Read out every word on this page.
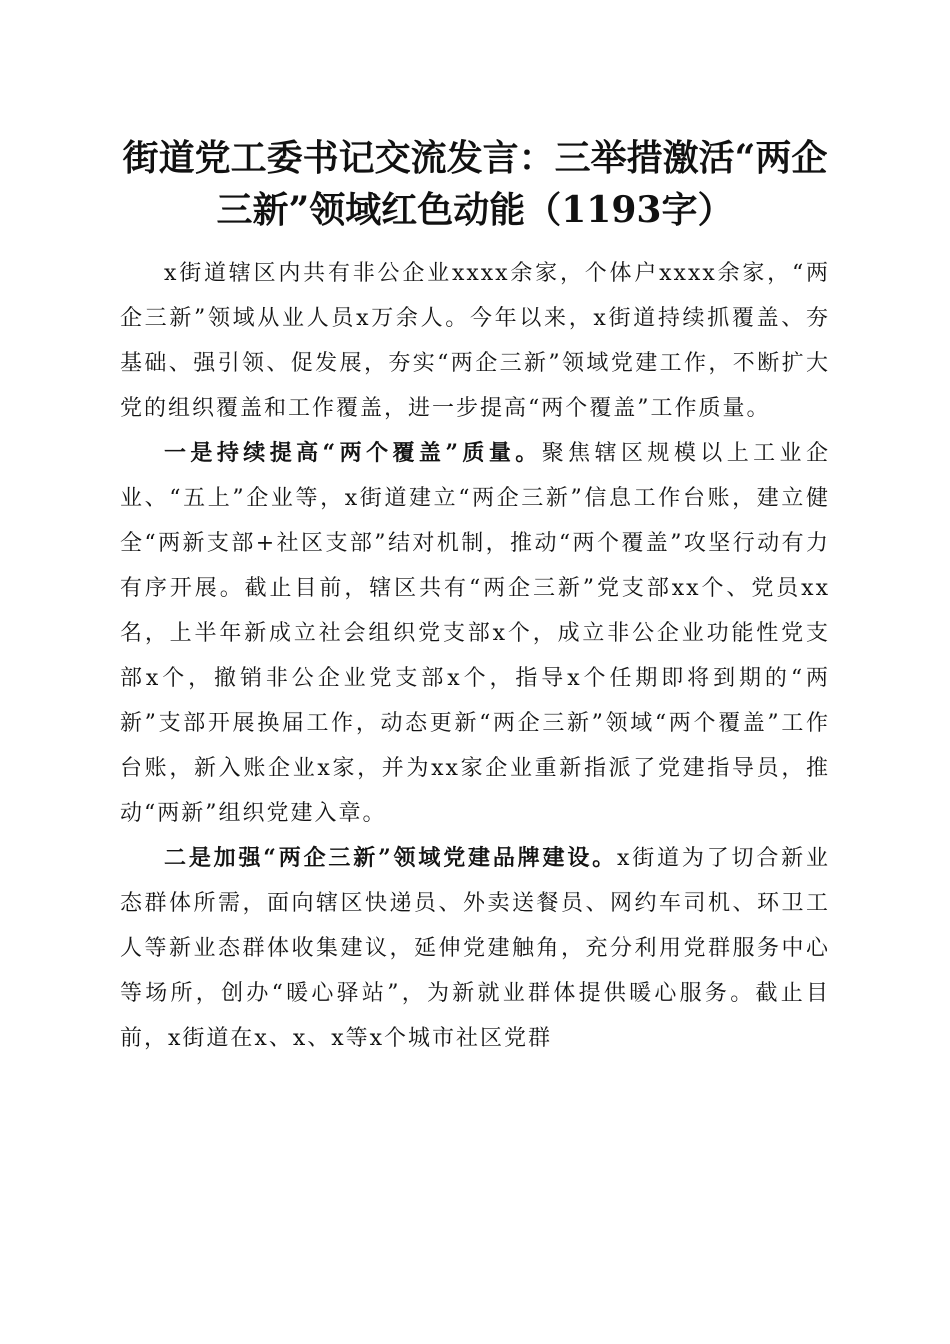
街道党工委书记交流发言：三举措激活“两企
三新”领域红色动能（1193字）

x街道辖区内共有非公企业xxxx余家，个体户xxxx余家，“两企三新”领域从业人员x万余人。今年以来，x街道持续抓覆盖、夯基础、强引领、促发展，夯实“两企三新”领域党建工作，不断扩大党的组织覆盖和工作覆盖，进一步提高“两个覆盖”工作质量。

一是持续提高“两个覆盖”质量。聚焦辖区规模以上工业企业、“五上”企业等，x街道建立“两企三新”信息工作台账，建立健全“两新支部+社区支部”结对机制，推动“两个覆盖”攻坚行动有力有序开展。截止目前，辖区共有“两企三新”党支部xx个、党员xx名，上半年新成立社会组织党支部x个，成立非公企业功能性党支部x个，撤销非公企业党支部x个，指导x个任期即将到期的“两新”支部开展换届工作，动态更新“两企三新”领域“两个覆盖”工作台账，新入账企业x家，并为xx家企业重新指派了党建指导员，推动“两新”组织党建入章。

二是加强“两企三新”领域党建品牌建设。x街道为了切合新业态群体所需，面向辖区快递员、外卖送餐员、网约车司机、环卫工人等新业态群体收集建议，延伸党建触角，充分利用党群服务中心等场所，创办“暖心驿站”，为新就业群体提供暖心服务。截止目前，x街道在x、x、x等x个城市社区党群
